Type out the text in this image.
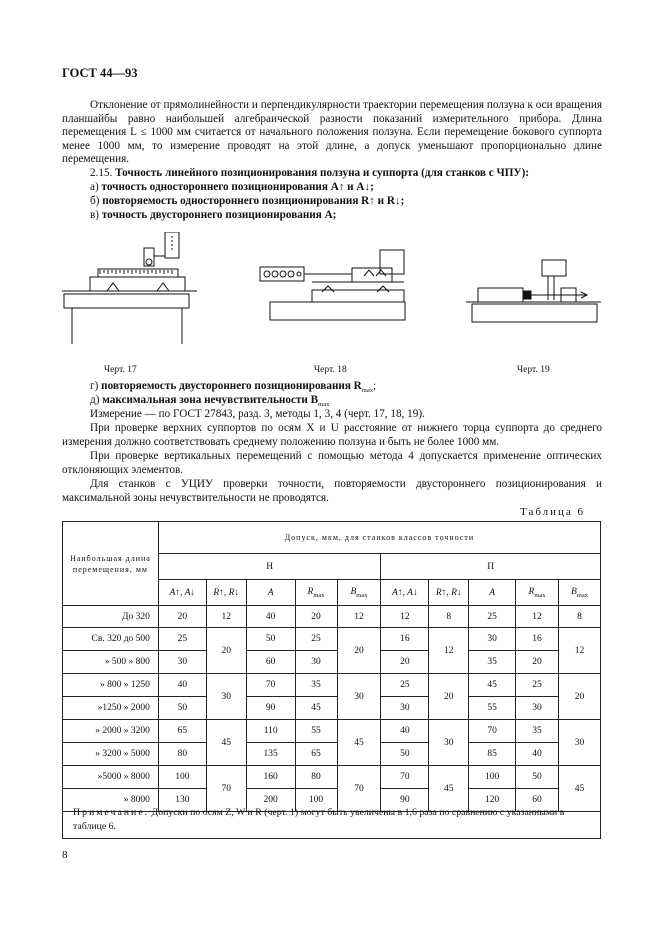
ГОСТ 44—93
Отклонение от прямолинейности и перпендикулярности траектории перемещения ползуна к оси вращения планшайбы равно наибольшей алгебраической разности показаний измерительного прибора. Длина перемещения L ≤ 1000 мм считается от начального положения ползуна. Если перемещение бокового суппорта менее 1000 мм, то измерение проводят на этой длине, а допуск уменьшают пропорционально длине перемещения.
2.15. Точность линейного позиционирования ползуна и суппорта (для станков с ЧПУ):
а) точность одностороннего позиционирования A↑ и A↓;
б) повторяемость одностороннего позиционирования R↑ и R↓;
в) точность двустороннего позиционирования A;
Черт. 17	Черт. 18	Черт. 19
г) повторяемость двустороннего позиционирования $R_{max}$;
д) максимальная зона нечувствительности $B_{max}$
Измерение — по ГОСТ 27843, разд. 3, методы 1, 3, 4 (черт. 17, 18, 19).
При проверке верхних суппортов по осям X и U расстояние от нижнего торца суппорта до среднего измерения должно соответствовать среднему положению ползуна и быть не более 1000 мм.
При проверке вертикальных перемещений с помощью метода 4 допускается применение оптических отклоняющих элементов.
Для станков с УЦИУ проверки точности, повторяемости двустороннего позиционирования и максимальной зоны нечувствительности не проводятся.
Таблица 6
Наибольшая длина перемещения, мм	Допуск, мкм, для станков классов точности									
	Н					П				
	A↑, A↓	R↑, R↓	A	$R_{max}$	$B_{max}$	A↑, A↓	R↑, R↓	A	$R_{max}$	$B_{max}$
До 320	20	12	40	20	12	12	8	25	12	8
Св. 320 до 500	25	20	50	25	20	16	12	30	16	12
» 500 » 800	30		60	30		20		35	20	
» 800 » 1250	40	30	70	35	30	25	20	45	25	20
»1250 » 2000	50		90	45		30		55	30	
» 2000 » 3200	65	45	110	55	45	40	30	70	35	30
» 3200 » 5000	80		135	65		50		85	40	
»5000 » 8000	100	70	160	80	70	70	45	100	50	45
» 8000	130		200	100		90		120	60	
Примечание. Допуски по осям Z, W и R (черт. 1) могут быть увеличены в 1,6 раза по сравнению с указанными в таблице 6.
8
